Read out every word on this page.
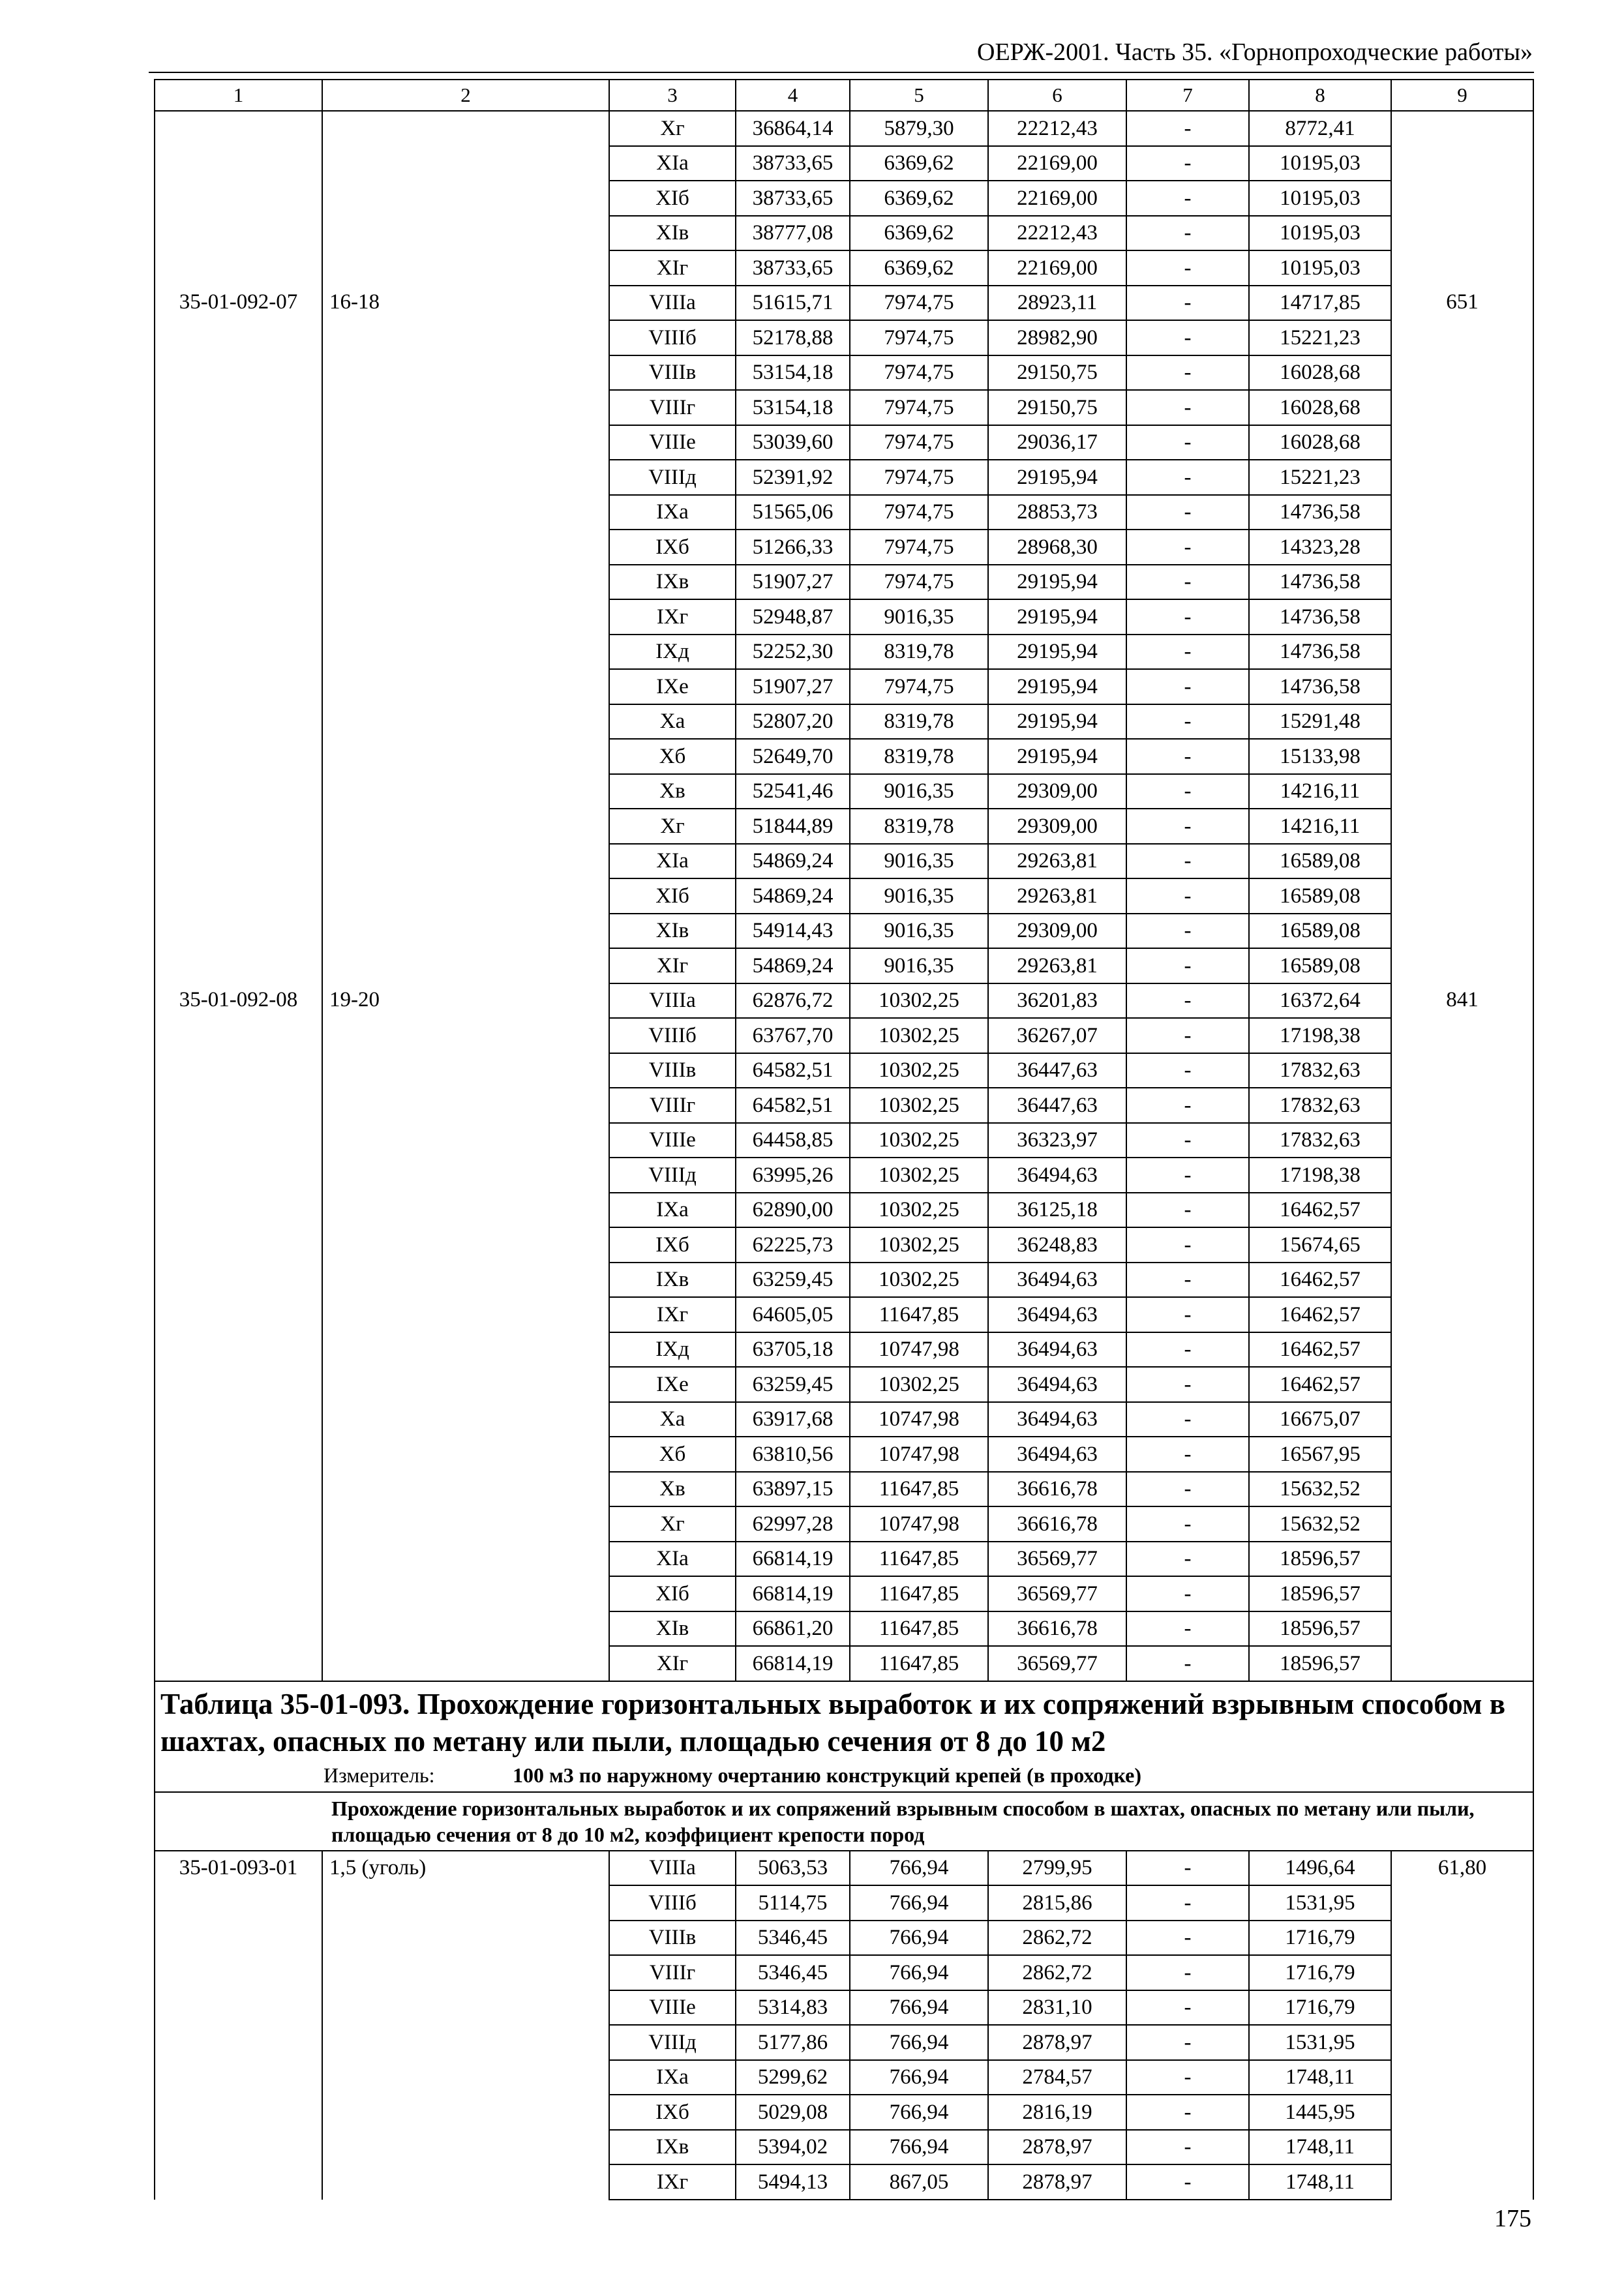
ОЕРЖ-2001. Часть 35. «Горнопроходческие работы»
1	2	3	4	5	6	7	8	9
		Xг	36864,14	5879,30	22212,43	-	8772,41	
		XIа	38733,65	6369,62	22169,00	-	10195,03	
		XIб	38733,65	6369,62	22169,00	-	10195,03	
		XIв	38777,08	6369,62	22212,43	-	10195,03	
		XIг	38733,65	6369,62	22169,00	-	10195,03	
35-01-092-07	16-18	VIIIа	51615,71	7974,75	28923,11	-	14717,85	651
		VIIIб	52178,88	7974,75	28982,90	-	15221,23	
		VIIIв	53154,18	7974,75	29150,75	-	16028,68	
		VIIIг	53154,18	7974,75	29150,75	-	16028,68	
		VIIIе	53039,60	7974,75	29036,17	-	16028,68	
		VIIIд	52391,92	7974,75	29195,94	-	15221,23	
		IXа	51565,06	7974,75	28853,73	-	14736,58	
		IXб	51266,33	7974,75	28968,30	-	14323,28	
		IXв	51907,27	7974,75	29195,94	-	14736,58	
		IXг	52948,87	9016,35	29195,94	-	14736,58	
		IXд	52252,30	8319,78	29195,94	-	14736,58	
		IXе	51907,27	7974,75	29195,94	-	14736,58	
		Xа	52807,20	8319,78	29195,94	-	15291,48	
		Xб	52649,70	8319,78	29195,94	-	15133,98	
		Xв	52541,46	9016,35	29309,00	-	14216,11	
		Xг	51844,89	8319,78	29309,00	-	14216,11	
		XIа	54869,24	9016,35	29263,81	-	16589,08	
		XIб	54869,24	9016,35	29263,81	-	16589,08	
		XIв	54914,43	9016,35	29309,00	-	16589,08	
		XIг	54869,24	9016,35	29263,81	-	16589,08	
35-01-092-08	19-20	VIIIа	62876,72	10302,25	36201,83	-	16372,64	841
		VIIIб	63767,70	10302,25	36267,07	-	17198,38	
		VIIIв	64582,51	10302,25	36447,63	-	17832,63	
		VIIIг	64582,51	10302,25	36447,63	-	17832,63	
		VIIIе	64458,85	10302,25	36323,97	-	17832,63	
		VIIIд	63995,26	10302,25	36494,63	-	17198,38	
		IXа	62890,00	10302,25	36125,18	-	16462,57	
		IXб	62225,73	10302,25	36248,83	-	15674,65	
		IXв	63259,45	10302,25	36494,63	-	16462,57	
		IXг	64605,05	11647,85	36494,63	-	16462,57	
		IXд	63705,18	10747,98	36494,63	-	16462,57	
		IXе	63259,45	10302,25	36494,63	-	16462,57	
		Xа	63917,68	10747,98	36494,63	-	16675,07	
		Xб	63810,56	10747,98	36494,63	-	16567,95	
		Xв	63897,15	11647,85	36616,78	-	15632,52	
		Xг	62997,28	10747,98	36616,78	-	15632,52	
		XIа	66814,19	11647,85	36569,77	-	18596,57	
		XIб	66814,19	11647,85	36569,77	-	18596,57	
		XIв	66861,20	11647,85	36616,78	-	18596,57	
		XIг	66814,19	11647,85	36569,77	-	18596,57	

Таблица 35-01-093. Прохождение горизонтальных выработок и их сопряжений взрывным способом в шахтах, опасных по метану или пыли, площадью сечения от 8 до 10 м2
Измеритель: 100 м3 по наружному очертанию конструкций крепей (в проходке)								

Прохождение горизонтальных выработок и их сопряжений взрывным способом в шахтах, опасных по метану или пыли, площадью сечения от 8 до 10 м2, коэффициент крепости пород								
35-01-093-01	1,5 (уголь)	VIIIа	5063,53	766,94	2799,95	-	1496,64	61,80
		VIIIб	5114,75	766,94	2815,86	-	1531,95	
		VIIIв	5346,45	766,94	2862,72	-	1716,79	
		VIIIг	5346,45	766,94	2862,72	-	1716,79	
		VIIIе	5314,83	766,94	2831,10	-	1716,79	
		VIIIд	5177,86	766,94	2878,97	-	1531,95	
		IXа	5299,62	766,94	2784,57	-	1748,11	
		IXб	5029,08	766,94	2816,19	-	1445,95	
		IXв	5394,02	766,94	2878,97	-	1748,11	
		IXг	5494,13	867,05	2878,97	-	1748,11	
175
